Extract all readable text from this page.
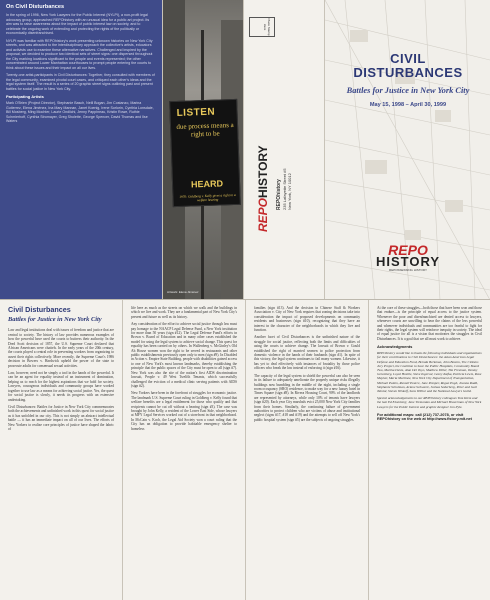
On Civil Disturbances
In the spring of 1996, New York Lawyers for the Public Interest (NYLPI), a non-profit legal advocacy group, approached REPOhistory with an unusual idea for a public art project. Its aim was to raise awareness about the impact of public interest law on society, and to celebrate the ongoing work of extending and protecting the rights of the politically or economically disenfranchised.
NYLPI was familiar with REPOhistory's work presenting unknown histories on New York City streets, and was attracted to the interdisciplinary approach the collective's artists, educators and activists use to examine these alternative narratives. Challenged and inspired by the proposal, we decided to produce two identical sets of street signs: one dispersed throughout the City marking locations significant to the people and events represented; the other concentrated around Lower Manhattan courthouses to prompt people entering the courts to think about these issues and their impact on all our lives.
Twenty-one artist-participants in Civil Disturbances: Together, they consulted with members of the legal community, examined pivotal court cases, and critiqued each other's ideas and the legal system itself. The result is a series of 20 graphic street signs outlining past and present battles for social justice in New York City.
Participating Artists
Mark O'Brien (Project Director), Stephanie Basch, Neill Bogan, Jim Costanzo, Marina Gutierrez, Elena Jiménez, Ina Mary Mannan, Janet Koenig, Irene Sorlorin, Cynthia Lonsdale, Bill Mosberg, Ming Mochter, Laurie Ondlichi, Jenny Pappineau, Kristin Rowe, Ruthie Schmierhoff, Cynthia Stromayer, Greg Sholette, George Spencer, David Thomas and Ilse Waters
LISTEN
due process means a right to be
HEARD
1970: Goldberg v. Kelly gives a right to a welfare hearing
Artwork: Elena Jiménez
Place Stamp Here
REPOhistory
235 Lafayette Street #5
New York, NY 10012
REPOHISTORY
CIVIL DISTURBANCES
Battles for Justice in New York City
May 15, 1998 – April 30, 1999
REPO
HISTORY
REPOSSESSING HISTORY
Civil Disturbances
Battles for Justice in New York City
Law and legal institutions deal with issues of freedom and justice that are central to society. The history of law provides numerous examples of how the powerful have used the courts to buttress their authority. In the Dred Scott decision of 1857, the U.S. Supreme Court declared that African Americans were chattels. In the early years of the 20th century, the courts played a central role in preventing workers from organizing to assert their rights collectively. More recently, the Supreme Court's 1986 decision in Bowers v. Hardwick upheld the power of the state to prosecute adults for consensual sexual activities.
Law, however, need not be simply a tool in the hands of the powerful. It can be an agent for equality instead of an instrument of domination, helping us to reach for the highest aspirations that we hold for society. Lawyers, courageous individuals and community groups have worked together to use law as a means for achieving social justice. Yes, the quest for social justice is slowly, it needs its progress with an extensive undertaking.
Civil Disturbances: Battles for Justice in New York City commemorates both the achievements and unfinished work in this quest for social justice as it has unfolded in our city. This is not simply an abstract intellectual battle — it has an immediate impact on all of our lives. The efforts of New Yorkers to realize core principles of justice have shaped the fabric of
life here as much as the streets on which we walk and the buildings in which we live and work. They are a fundamental part of New York City's present and future as well as its history.
Any consideration of the effort to achieve social justice through law must pay homage to the NAACP Legal Defense Fund, a New York institution for more than 50 years (sign #12). The Legal Defense Fund's efforts in Brown v. Board of Education and in many other cases established the model for using the legal system to achieve social change. This quest for equality has been carried on by others. In Wallenberg v. McGinley's Old Ah House women won the right to be served in restaurants and other public establishments previously open only to men (sign #9). In Disabled in Action v. Empire State Building, people with disabilities gained access to one of New York's most known landmarks, thereby establishing the principle that the public spaces of the City must be open to all (sign #7). New York was also the site of the nation's first AIDS discrimination lawsuit, People v. 49 West Twelfth Tenants, which successfully challenged the eviction of a medical clinic serving patients with AIDS (sign #2).
New Yorkers have been in the forefront of struggles for economic justice. The landmark U.S. Supreme Court ruling in Goldberg v. Kelly found that welfare benefits are a legal entitlement for those who qualify and that recipients cannot be cut off without a hearing (sign #3). The case was brought by John Kelly, a resident of the Lower East Side, whose lawyers at MFY Legal Services worked out of a storefront in that neighborhood. In McCain v. Koch, the Legal Aid Society won a court ruling that the City has an obligation to provide habitable emergency shelter to homeless
families (sign #13). And the decision in Chinese Staff & Workers Association v. City of New York requires that zoning decisions take into consideration the impact of proposed developments on community residents and businesses (sign #10), recognizing that they have an interest in the character of the neighborhoods in which they live and function.
Another facet of Civil Disturbances is the unfinished nature of the struggle for social justice, reflecting both the limits and difficulties of using the courts to achieve change. The lawsuit of Brown v. Gould established the right of married women to police protection from domestic violence in the hands of their husbands (sign #1). In spite of this victory, the legal system continues to fail many women. Likewise, it has yet to deal effectively with instances of brutality by those police officers who break the law instead of enforcing it (sign #16).
The capacity of the legal system to shield the powerful can also be seen in its failure to adequately ameliorate the properly unique risks illegally buildings now bumbling in the middle of the night, including a single room occupancy (SRO) residence, to make way for a new luxury hotel in Times Square (sign #8). In Rivera Housing Court, 90% of the landlords are represented by attorneys, while only 10% of tenants have lawyers (sign #20). Each year City marshals evict 25,000 New York City families from their homes. Similarly, the continuing failure of government authorities to protect children who are victims of abuse and institutional neglect (signs #17, #18 and #19) and the attempts to sell off New York's public hospital system (sign #5) are the subjects of ongoing struggles.
At the core of these struggles—both those that have been won and those that endure—is the principle of equal access to the justice system. Whenever the poor and disenfranchised are denied access to lawyers, whenever courts are unwilling to hear the claims of the less powerful and whenever individuals and communities are too fearful to fight for their rights, the legal system will reinforce inequity in society. The ideal of equal justice for all is a vision that motivates the struggles in Civil Disturbances. It is a goal that we all must work to achieve.
Acknowledgments
REPOhistory would like to thank the following individuals and organizations for their contributions to Civil Disturbances: the Asian American Legal Defense and Education Fund, Brenda Berkman, John Boston, The Citizens Jury Project, the Coalition to Save the Public Hospitals, Community Board Two, Martha Davis, Alan Del Toyo, Matthew Diller, Tim Freeman, Tammy Greenberg, Loyal Hostile, Steve Ingersol, Gorey Kafka, Patricia Lewis, Rose Mayher, Maria Martinez, New York City Department of Transportation, Michael Patten, Russell Pearce, Jane Pomper, Regan Pugh, Joanna Rudd, Stephanie Schulman, Ariane Schwartz, Joshua Soderberg, Peter and Gail Taintor, Steven Wiskoff, Sara Wilbur and the National Lawyers Guild.
Special acknowledgements to our REPOhistory colleagues Tom Klem and the late Ed Eisenberg; Jane Tremontan and Michael Braverman of New York Lawyers for the Public Interest and graphic designer Jon Pyle.
For additional maps: call (212) 737-2078, or visit REPOhistory on the web at http://www.fistory.mit.net
